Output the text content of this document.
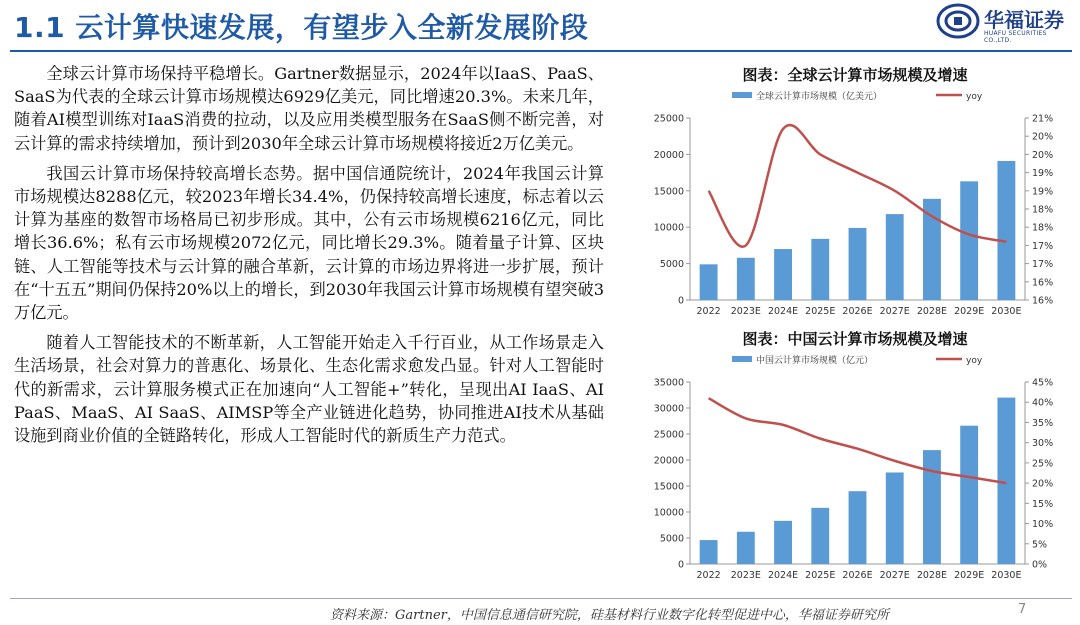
1.1 云计算快速发展，有望步入全新发展阶段	华福证券
HUAFU SECURITIES CO.,LTD.

全球云计算市场保持平稳增长。Gartner数据显示，2024年以IaaS、PaaS、SaaS为代表的全球云计算市场规模达6929亿美元，同比增速20.3%。未来几年，随着AI模型训练对IaaS消费的拉动，以及应用类模型服务在SaaS侧不断完善，对云计算的需求持续增加，预计到2030年全球云计算市场规模将接近2万亿美元。

我国云计算市场保持较高增长态势。据中国信通院统计，2024年我国云计算市场规模达8288亿元，较2023年增长34.4%，仍保持较高增长速度，标志着以云计算为基座的数智市场格局已初步形成。其中，公有云市场规模6216亿元，同比增长36.6%；私有云市场规模2072亿元，同比增长29.3%。随着量子计算、区块链、人工智能等技术与云计算的融合革新，云计算的市场边界将进一步扩展，预计在“十五五”期间仍保持20%以上的增长，到2030年我国云计算市场规模有望突破3万亿元。

随着人工智能技术的不断革新，人工智能开始走入千行百业，从工作场景走入生活场景，社会对算力的普惠化、场景化、生态化需求愈发凸显。针对人工智能时代的新需求，云计算服务模式正在加速向“人工智能+”转化，呈现出AI IaaS、AI PaaS、MaaS、AI SaaS、AIMSP等全产业链进化趋势，协同推进AI技术从基础设施到商业价值的全链路转化，形成人工智能时代的新质生产力范式。

图表：全球云计算市场规模及增速
全球云计算市场规模（亿美元）	yoy
0
5000
10000
15000
20000
25000
16%
16%
17%
17%
18%
18%
19%
19%
20%
20%
21%
2022 2023E 2024E 2025E 2026E 2027E 2028E 2029E 2030E
图表：中国云计算市场规模及增速
中国云计算市场规模（亿元）	yoy
0
5000
10000
15000
20000
25000
30000
35000
0%
5%
10%
15%
20%
25%
30%
35%
40%
45%
2022 2023E 2024E 2025E 2026E 2027E 2028E 2029E 2030E
资料来源：Gartner，中国信息通信研究院，硅基材料行业数字化转型促进中心，华福证券研究所	7
